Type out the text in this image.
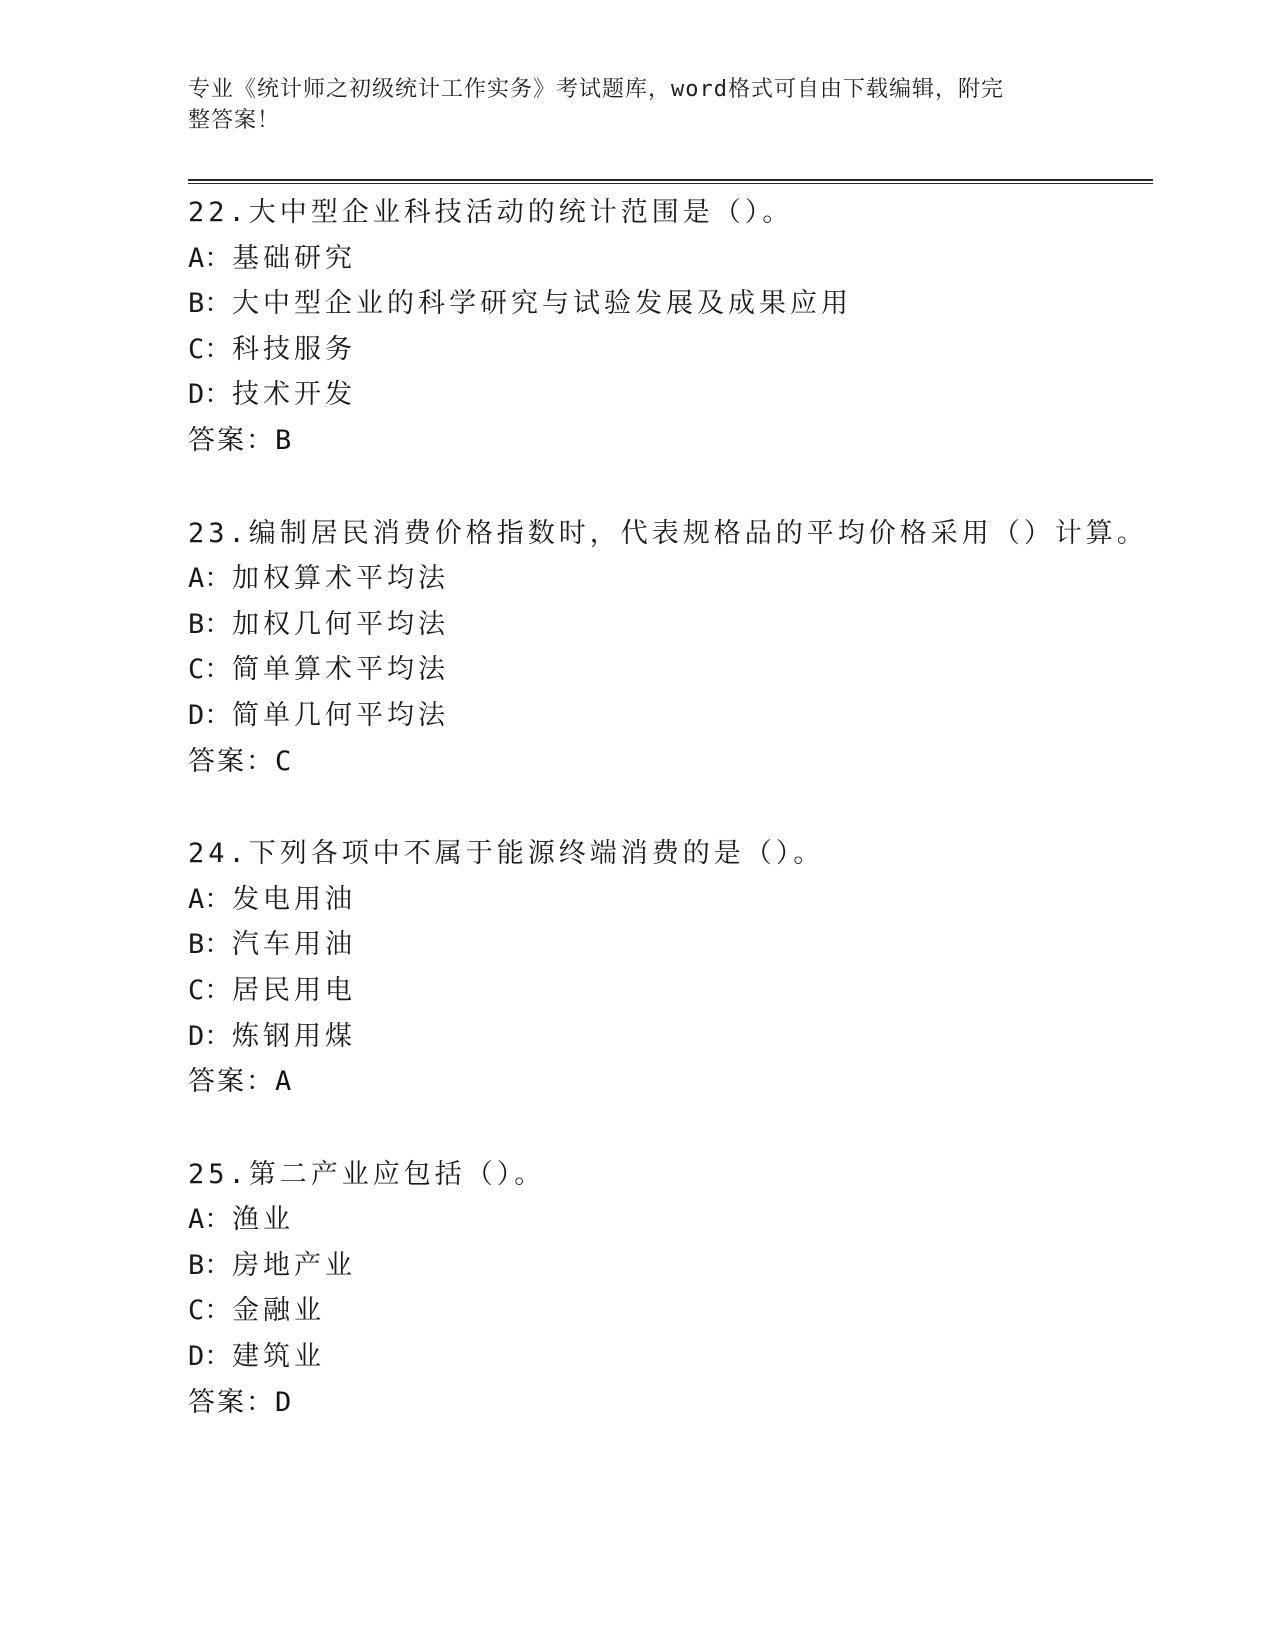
专业《统计师之初级统计工作实务》考试题库，word格式可自由下载编辑，附完
整答案！
22.大中型企业科技活动的统计范围是（）。
A：基础研究
B：大中型企业的科学研究与试验发展及成果应用
C：科技服务
D：技术开发
答案：B
23.编制居民消费价格指数时，代表规格品的平均价格采用（）计算。
A：加权算术平均法
B：加权几何平均法
C：简单算术平均法
D：简单几何平均法
答案：C
24.下列各项中不属于能源终端消费的是（）。
A：发电用油
B：汽车用油
C：居民用电
D：炼钢用煤
答案：A
25.第二产业应包括（）。
A：渔业
B：房地产业
C：金融业
D：建筑业
答案：D
